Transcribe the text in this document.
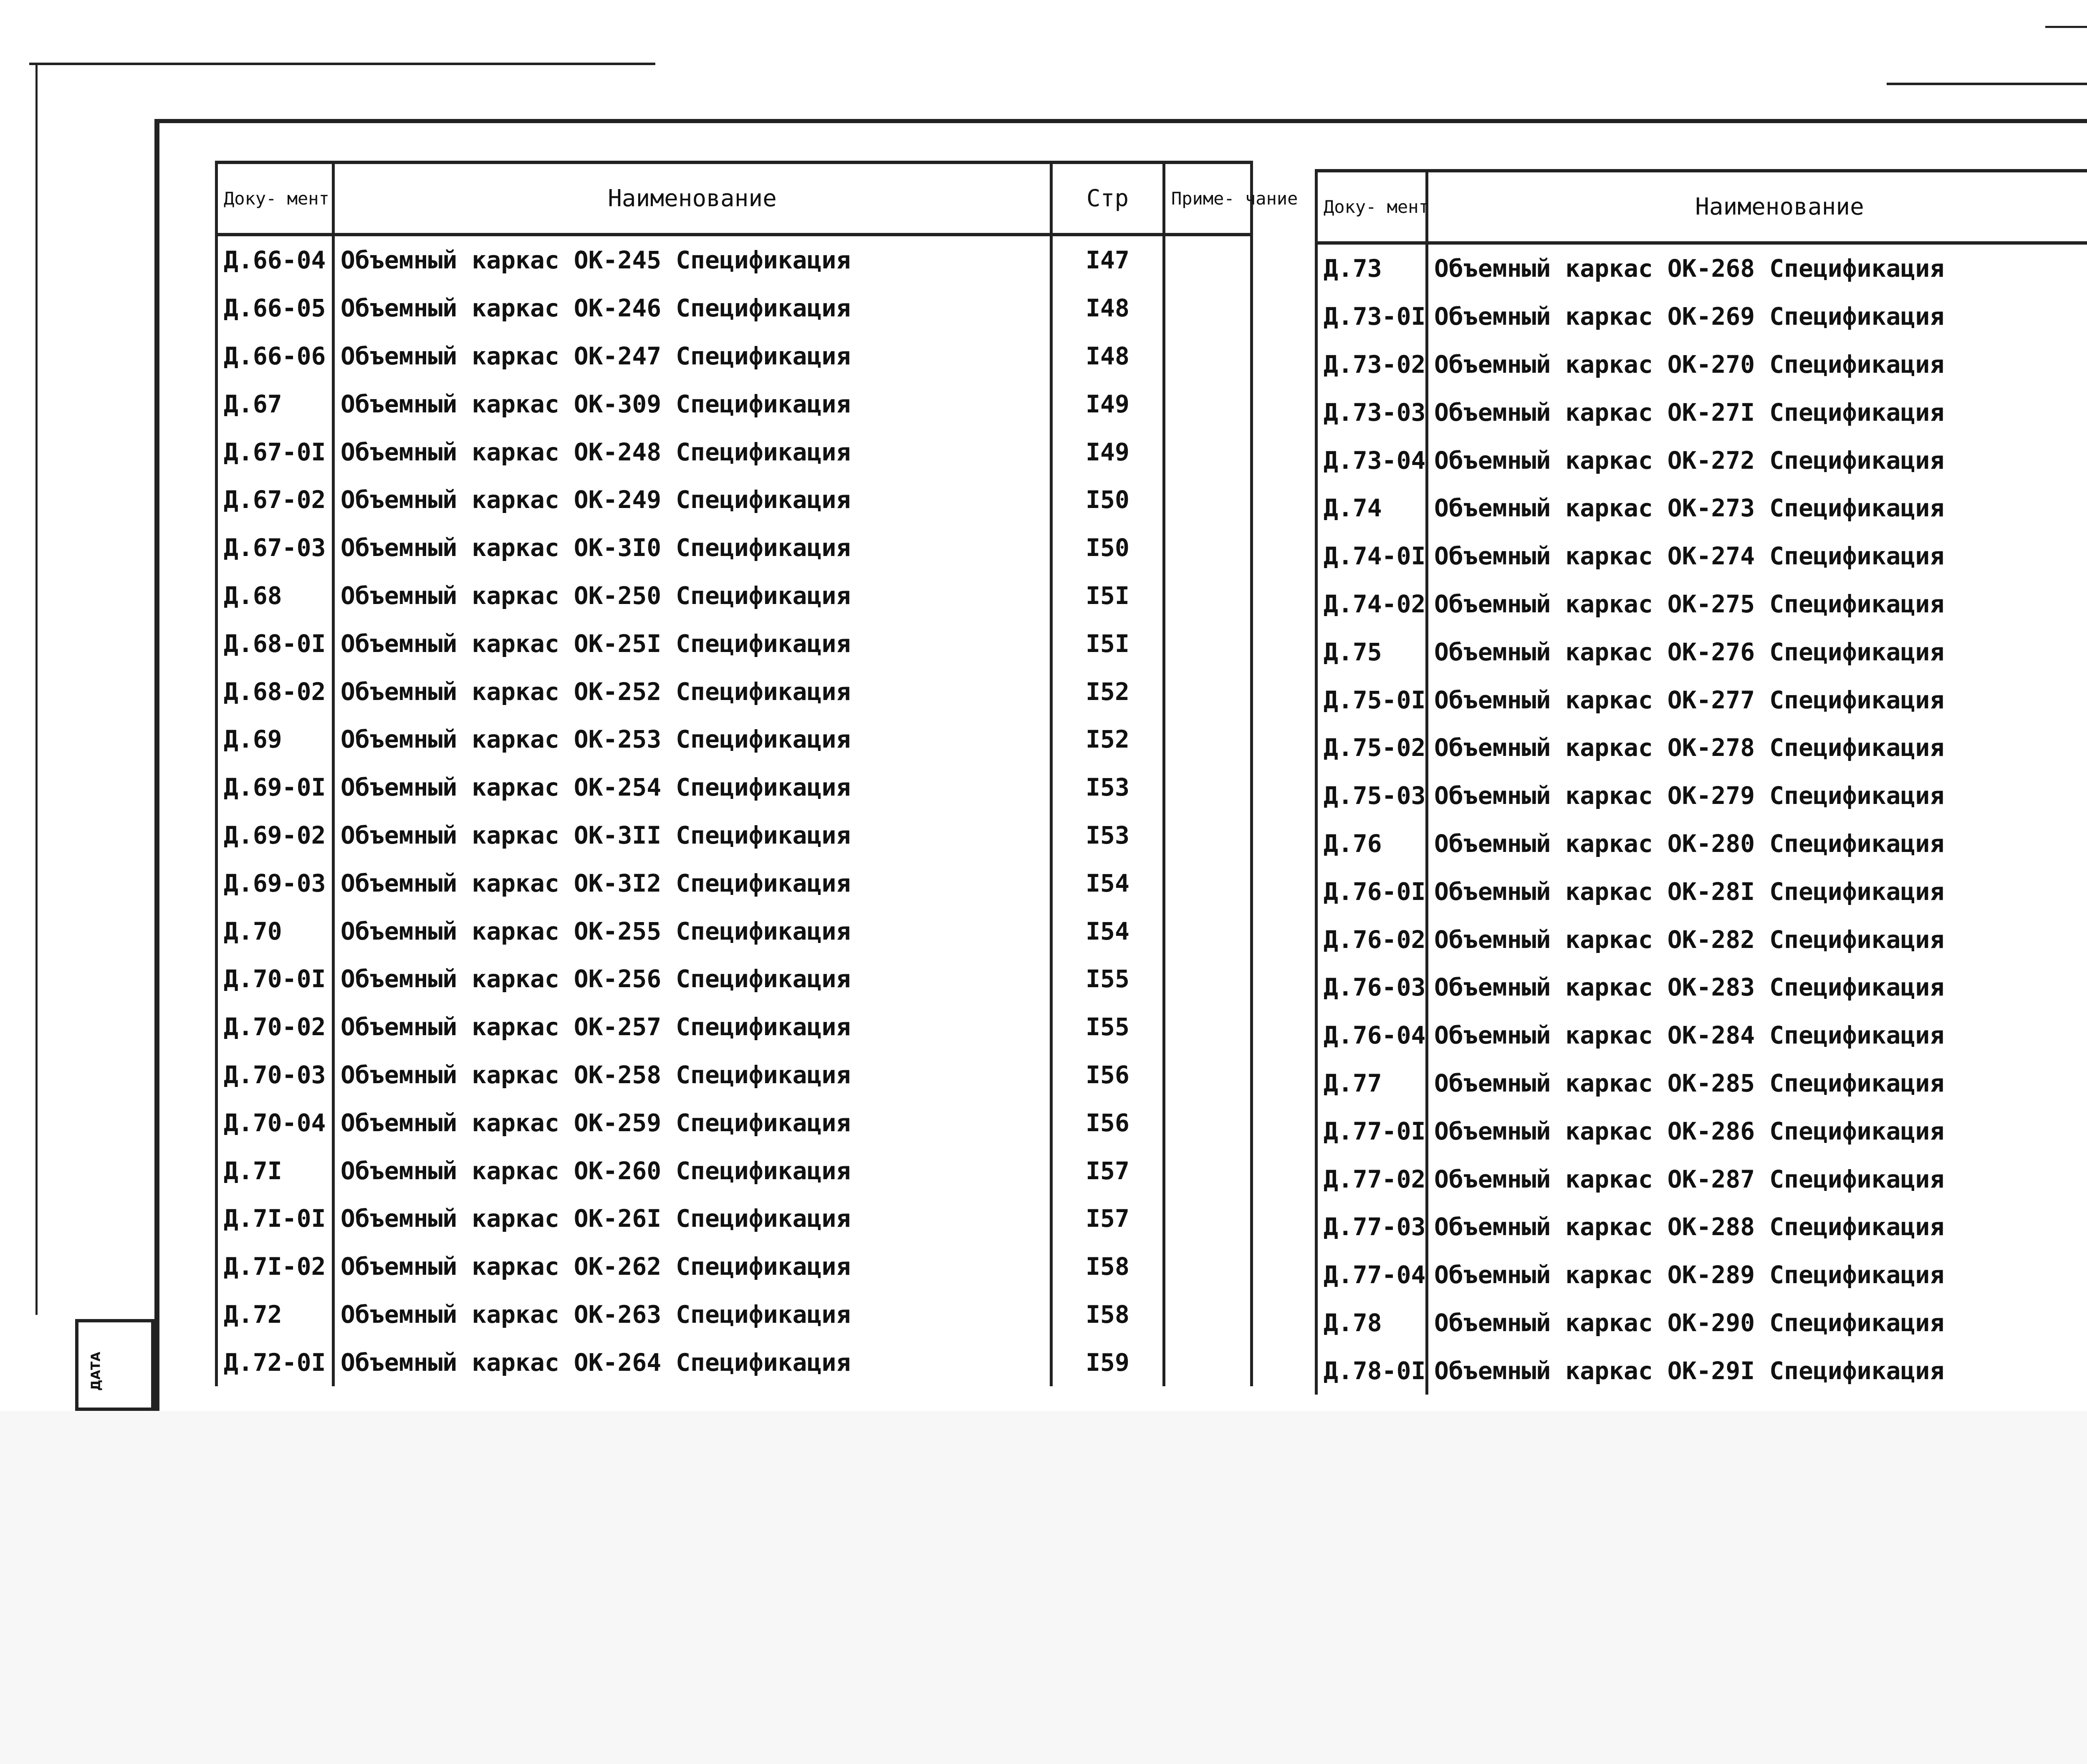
ДАТА
Доку- мент	Наименование	Стр	Приме- чание
Д.66-04	Объемный каркас ОК-245 Спецификация	I47	
Д.66-05	Объемный каркас ОК-246 Спецификация	I48	
Д.66-06	Объемный каркас ОК-247 Спецификация	I48	
Д.67	Объемный каркас ОК-309 Спецификация	I49	
Д.67-0I	Объемный каркас ОК-248 Спецификация	I49	
Д.67-02	Объемный каркас ОК-249 Спецификация	I50	
Д.67-03	Объемный каркас ОК-3I0 Спецификация	I50	
Д.68	Объемный каркас ОК-250 Спецификация	I5I	
Д.68-0I	Объемный каркас ОК-25I Спецификация	I5I	
Д.68-02	Объемный каркас ОК-252 Спецификация	I52	
Д.69	Объемный каркас ОК-253 Спецификация	I52	
Д.69-0I	Объемный каркас ОК-254 Спецификация	I53	
Д.69-02	Объемный каркас ОК-3II Спецификация	I53	
Д.69-03	Объемный каркас ОК-3I2 Спецификация	I54	
Д.70	Объемный каркас ОК-255 Спецификация	I54	
Д.70-0I	Объемный каркас ОК-256 Спецификация	I55	
Д.70-02	Объемный каркас ОК-257 Спецификация	I55	
Д.70-03	Объемный каркас ОК-258 Спецификация	I56	
Д.70-04	Объемный каркас ОК-259 Спецификация	I56	
Д.7I	Объемный каркас ОК-260 Спецификация	I57	
Д.7I-0I	Объемный каркас ОК-26I Спецификация	I57	
Д.7I-02	Объемный каркас ОК-262 Спецификация	I58	
Д.72	Объемный каркас ОК-263 Спецификация	I58	
Д.72-0I	Объемный каркас ОК-264 Спецификация	I59	
Доку- мент	Наименование		
Д.73	Объемный каркас ОК-268 Спецификация		
Д.73-0I	Объемный каркас ОК-269 Спецификация		
Д.73-02	Объемный каркас ОК-270 Спецификация		
Д.73-03	Объемный каркас ОК-27I Спецификация		
Д.73-04	Объемный каркас ОК-272 Спецификация		
Д.74	Объемный каркас ОК-273 Спецификация		
Д.74-0I	Объемный каркас ОК-274 Спецификация		
Д.74-02	Объемный каркас ОК-275 Спецификация		
Д.75	Объемный каркас ОК-276 Спецификация		
Д.75-0I	Объемный каркас ОК-277 Спецификация		
Д.75-02	Объемный каркас ОК-278 Спецификация		
Д.75-03	Объемный каркас ОК-279 Спецификация		
Д.76	Объемный каркас ОК-280 Спецификация		
Д.76-0I	Объемный каркас ОК-28I Спецификация		
Д.76-02	Объемный каркас ОК-282 Спецификация		
Д.76-03	Объемный каркас ОК-283 Спецификация		
Д.76-04	Объемный каркас ОК-284 Спецификация		
Д.77	Объемный каркас ОК-285 Спецификация		
Д.77-0I	Объемный каркас ОК-286 Спецификация		
Д.77-02	Объемный каркас ОК-287 Спецификация		
Д.77-03	Объемный каркас ОК-288 Спецификация		
Д.77-04	Объемный каркас ОК-289 Спецификация		
Д.78	Объемный каркас ОК-290 Спецификация		
Д.78-0I	Объемный каркас ОК-29I Спецификация		
